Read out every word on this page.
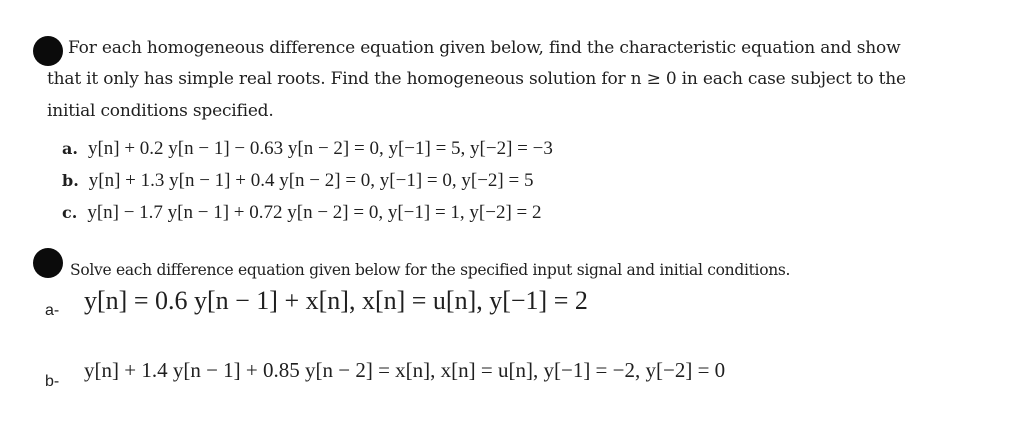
For each homogeneous difference equation given below, find the characteristic equation and show
that it only has simple real roots. Find the homogeneous solution for n ≥ 0 in each case subject to the
initial conditions specified.
a. y[n] + 0.2 y[n − 1] − 0.63 y[n − 2] = 0, y[−1] = 5, y[−2] = −3
b. y[n] + 1.3 y[n − 1] + 0.4 y[n − 2] = 0, y[−1] = 0, y[−2] = 5
c. y[n] − 1.7 y[n − 1] + 0.72 y[n − 2] = 0, y[−1] = 1, y[−2] = 2
Solve each difference equation given below for the specified input signal and initial conditions.
a- y[n] = 0.6 y[n − 1] + x[n], x[n] = u[n], y[−1] = 2
b- y[n] + 1.4 y[n − 1] + 0.85 y[n − 2] = x[n], x[n] = u[n], y[−1] = −2, y[−2] = 0
